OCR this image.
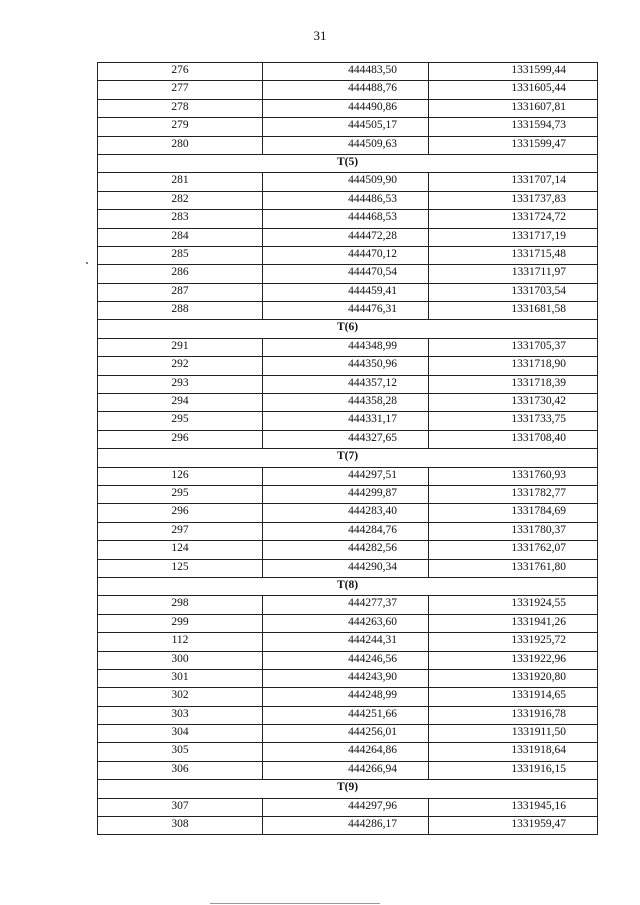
31
276	444483,50	1331599,44
277	444488,76	1331605,44
278	444490,86	1331607,81
279	444505,17	1331594,73
280	444509,63	1331599,47
T(5)		
281	444509,90	1331707,14
282	444486,53	1331737,83
283	444468,53	1331724,72
284	444472,28	1331717,19
285	444470,12	1331715,48
286	444470,54	1331711,97
287	444459,41	1331703,54
288	444476,31	1331681,58
T(6)		
291	444348,99	1331705,37
292	444350,96	1331718,90
293	444357,12	1331718,39
294	444358,28	1331730,42
295	444331,17	1331733,75
296	444327,65	1331708,40
T(7)		
126	444297,51	1331760,93
295	444299,87	1331782,77
296	444283,40	1331784,69
297	444284,76	1331780,37
124	444282,56	1331762,07
125	444290,34	1331761,80
T(8)		
298	444277,37	1331924,55
299	444263,60	1331941,26
112	444244,31	1331925,72
300	444246,56	1331922,96
301	444243,90	1331920,80
302	444248,99	1331914,65
303	444251,66	1331916,78
304	444256,01	1331911,50
305	444264,86	1331918,64
306	444266,94	1331916,15
T(9)		
307	444297,96	1331945,16
308	444286,17	1331959,47
